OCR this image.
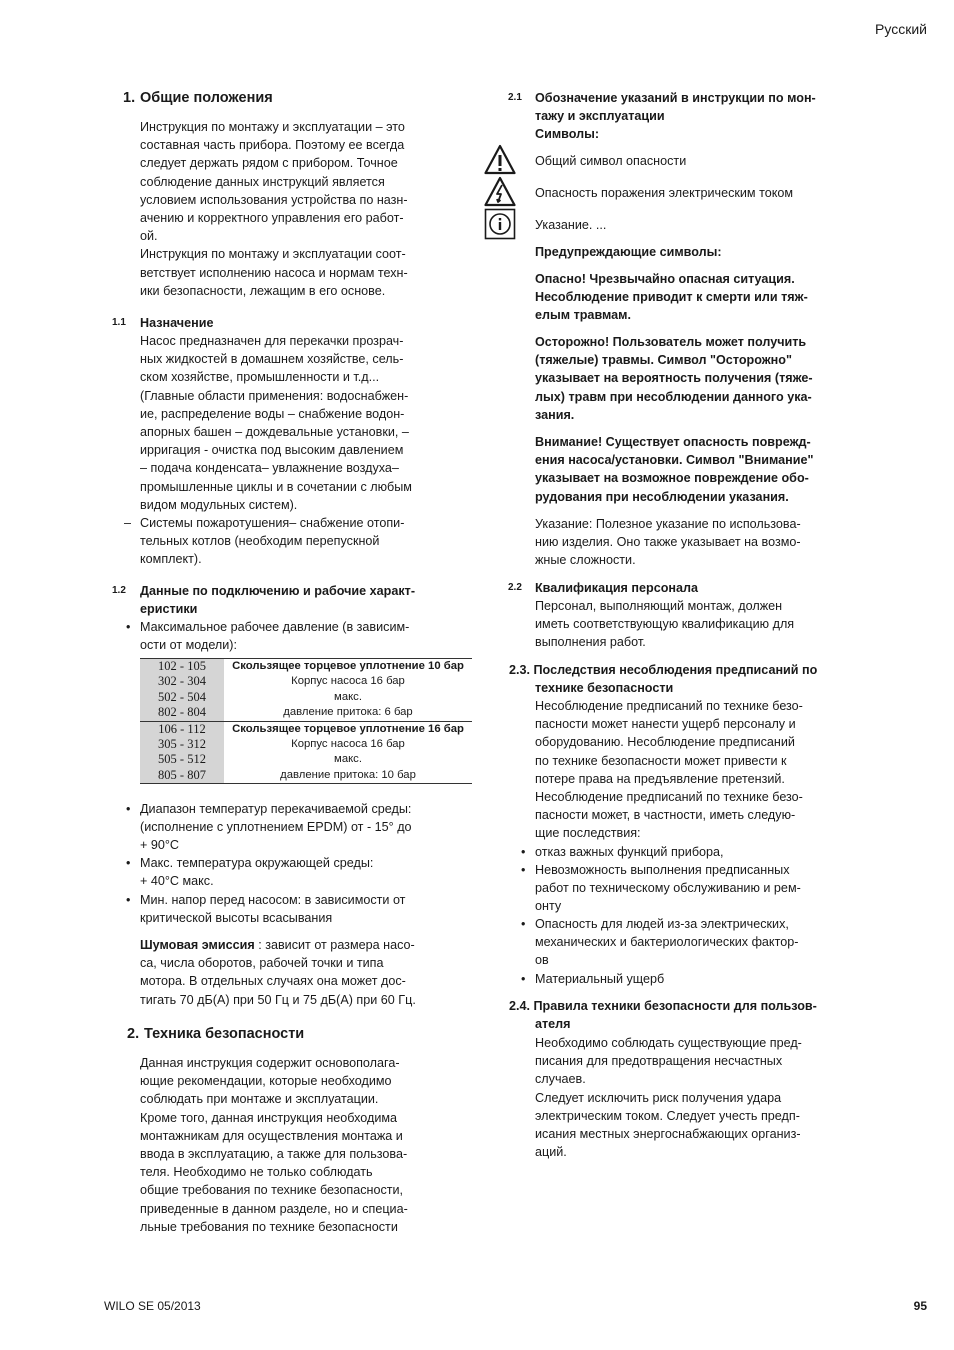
Русский
WILO SE 05/2013	95
1. Общие положения
Инструкция по монтажу и эксплуатации – это
составная часть прибора. Поэтому ее всегда
следует держать рядом с прибором. Точное
соблюдение данных инструкций является
условием использования устройства по назн-
ачению и корректного управления его работ-
ой.
Инструкция по монтажу и эксплуатации соот-
ветствует исполнению насоса и нормам техн-
ики безопасности, лежащим в его основе.
1.1 Назначение
Насос предназначен для перекачки прозрач-
ных жидкостей в домашнем хозяйстве, сель-
ском хозяйстве, промышленности и т.д...
(Главные области применения: водоснабжен-
ие, распределение воды – снабжение водон-
апорных башен – дождевальные установки, –
ирригация - очистка под высоким давлением
– подача конденсата– увлажнение воздуха–
промышленные циклы и в сочетании с любым
видом модульных систем).
– Системы пожаротушения– снабжение отопи-
тельных котлов (необходим перепускной
комплект).
1.2 Данные по подключению и рабочие характ-
еристики
• Максимальное рабочее давление (в зависим-
ости от модели):
102 - 105	Скользящее торцевое уплотнение 10 бар
302 - 304	Корпус насоса 16 бар
502 - 504	макс.
802 - 804	давление притока: 6 бар
106 - 112	Скользящее торцевое уплотнение 16 бар
305 - 312	Корпус насоса 16 бар
505 - 512	макс.
805 - 807	давление притока: 10 бар
• Диапазон температур перекачиваемой среды:
(исполнение с уплотнением EPDM) от - 15° до
+ 90°C
• Макс. температура окружающей среды:
+ 40°C макс.
• Мин. напор перед насосом: в зависимости от
критической высоты всасывания
Шумовая эмиссия : зависит от размера насо-
са, числа оборотов, рабочей точки и типа
мотора. В отдельных случаях она может дос-
тигать 70 дБ(A) при 50 Гц и 75 дБ(A) при 60 Гц.
2. Техника безопасности
Данная инструкция содержит основополага-
ющие рекомендации, которые необходимо
соблюдать при монтаже и эксплуатации.
Кроме того, данная инструкция необходима
монтажникам для осуществления монтажа и
ввода в эксплуатацию, а также для пользова-
теля. Необходимо не только соблюдать
общие требования по технике безопасности,
приведенные в данном разделе, но и специа-
льные требования по технике безопасности
2.1 Обозначение указаний в инструкции по мон-
тажу и эксплуатации
Символы:
Общий символ опасности
Опасность поражения электрическим током
Указание. ...
Предупреждающие символы:
Опасно! Чрезвычайно опасная ситуация.
Несоблюдение приводит к смерти или тяж-
елым травмам.
Осторожно! Пользователь может получить
(тяжелые) травмы. Символ "Осторожно"
указывает на вероятность получения (тяже-
лых) травм при несоблюдении данного ука-
зания.
Внимание! Существует опасность поврежд-
ения насоса/установки. Символ "Внимание"
указывает на возможное повреждение обо-
рудования при несоблюдении указания.
Указание: Полезное указание по использова-
нию изделия. Оно также указывает на возмо-
жные сложности.
2.2 Квалификация персонала
Персонал, выполняющий монтаж, должен
иметь соответствующую квалификацию для
выполнения работ.
2.3. Последствия несоблюдения предписаний по
технике безопасности
Несоблюдение предписаний по технике безо-
пасности может нанести ущерб персоналу и
оборудованию. Несоблюдение предписаний
по технике безопасности может привести к
потере права на предъявление претензий.
Несоблюдение предписаний по технике безо-
пасности может, в частности, иметь следую-
щие последствия:
• отказ важных функций прибора,
• Невозможность выполнения предписанных
работ по техническому обслуживанию и рем-
онту
• Опасность для людей из-за электрических,
механических и бактериологических фактор-
ов
• Материальный ущерб
2.4. Правила техники безопасности для пользов-
ателя
Необходимо соблюдать существующие пред-
писания для предотвращения несчастных
случаев.
Следует исключить риск получения удара
электрическим током. Следует учесть предп-
исания местных энергоснабжающих организ-
аций.
